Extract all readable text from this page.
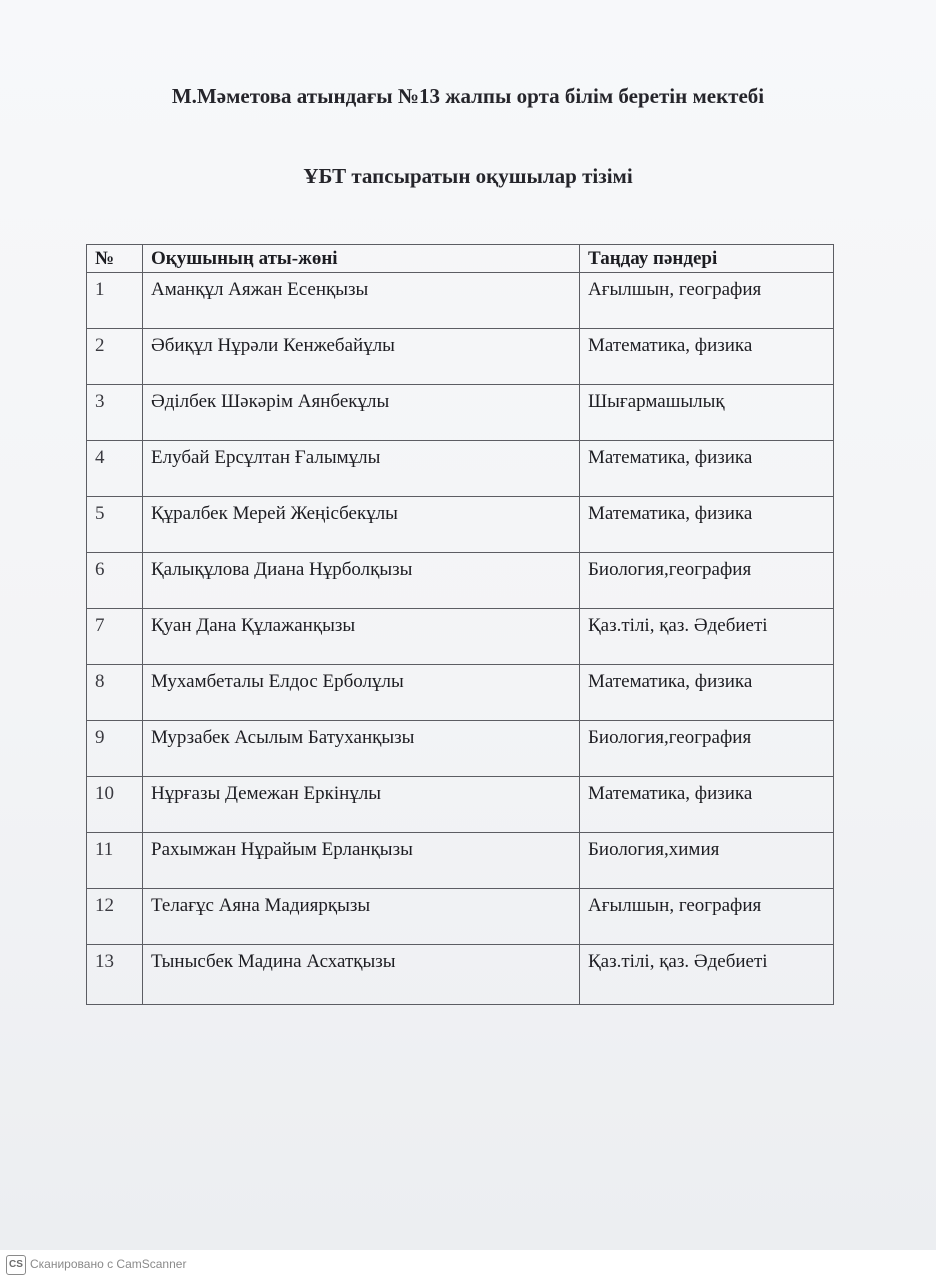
М.Мәметова атындағы №13 жалпы орта білім беретін мектебі
ҰБТ тапсыратын оқушылар тізімі
№	Оқушының аты-жөні	Таңдау пәндері
1	Аманқұл Аяжан Есенқызы	Ағылшын, география
2	Әбиқұл Нұрәли Кенжебайұлы	Математика, физика
3	Әділбек Шәкәрім Аянбекұлы	Шығармашылық
4	Елубай Ерсұлтан Ғалымұлы	Математика, физика
5	Құралбек Мерей Жеңісбекұлы	Математика, физика
6	Қалықұлова Диана Нұрболқызы	Биология,география
7	Қуан Дана Құлажанқызы	Қаз.тілі, қаз. Әдебиеті
8	Мухамбеталы Елдос Ерболұлы	Математика, физика
9	Мурзабек Асылым Батуханқызы	Биология,география
10	Нұрғазы Демежан Еркінұлы	Математика, физика
11	Рахымжан Нұрайым Ерланқызы	Биология,химия
12	Телағұс Аяна Мадиярқызы	Ағылшын, география
13	Тынысбек Мадина Асхатқызы	Қаз.тілі, қаз. Әдебиеті
CS Сканировано с CamScanner
